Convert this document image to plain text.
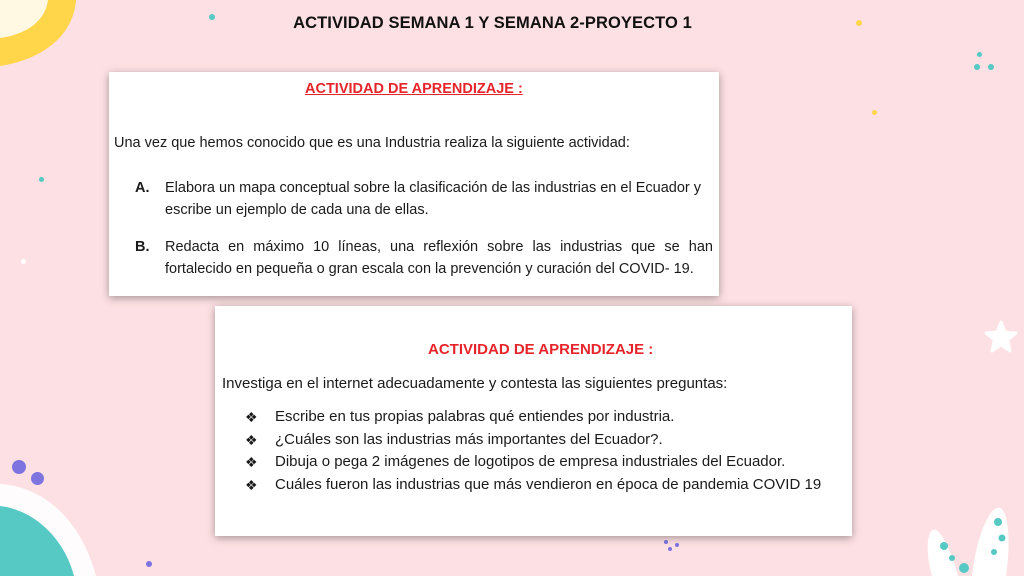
ACTIVIDAD SEMANA 1 Y SEMANA 2-PROYECTO 1
ACTIVIDAD DE APRENDIZAJE :
Una vez que hemos conocido que es una Industria realiza la siguiente actividad:
A. Elabora un mapa conceptual sobre la clasificación de las industrias en el Ecuador y escribe un ejemplo de cada una de ellas.
B. Redacta en máximo 10 líneas, una reflexión sobre las industrias que se han fortalecido en pequeña o gran escala con la prevención y curación del COVID- 19.
ACTIVIDAD DE APRENDIZAJE :
Investiga en el internet adecuadamente y contesta las siguientes preguntas:
❖ Escribe en tus propias palabras qué entiendes por industria.
❖ ¿Cuáles son las industrias más importantes del Ecuador?.
❖ Dibuja o pega 2 imágenes de logotipos de empresa industriales del Ecuador.
❖ Cuáles fueron las industrias que más vendieron en época de pandemia COVID 19
